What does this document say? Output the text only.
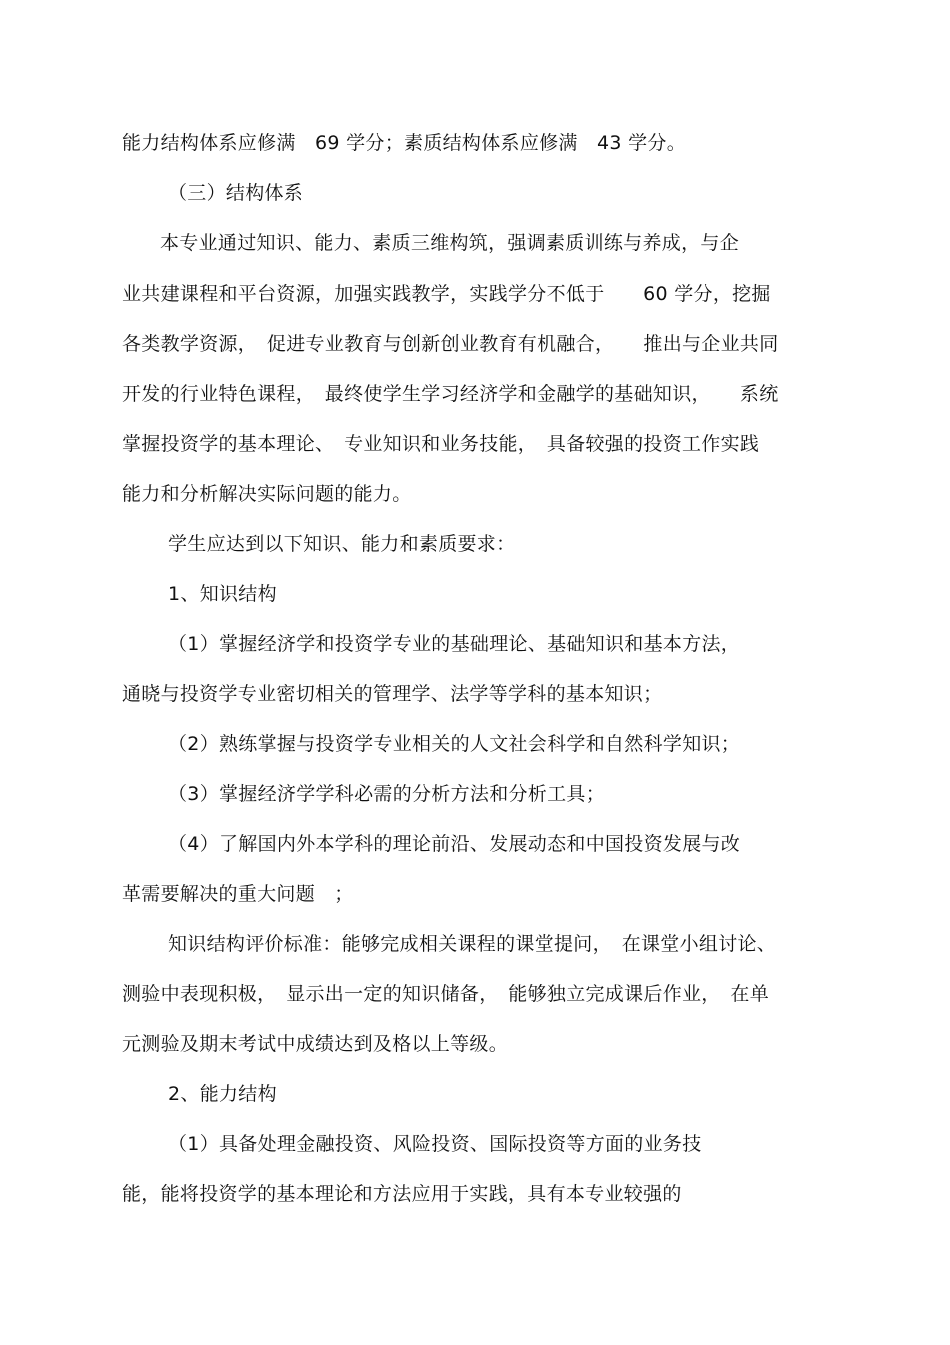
能力结构体系应修满　69 学分；素质结构体系应修满　43 学分。
（三）结构体系
本专业通过知识、能力、素质三维构筑，强调素质训练与养成，与企
业共建课程和平台资源，加强实践教学，实践学分不低于　　60 学分，挖掘
各类教学资源，　促进专业教育与创新创业教育有机融合，　　推出与企业共同
开发的行业特色课程，　最终使学生学习经济学和金融学的基础知识，　　系统
掌握投资学的基本理论、　专业知识和业务技能，　具备较强的投资工作实践
能力和分析解决实际问题的能力。
学生应达到以下知识、能力和素质要求：
1、知识结构
（1）掌握经济学和投资学专业的基础理论、基础知识和基本方法，
通晓与投资学专业密切相关的管理学、法学等学科的基本知识；
（2）熟练掌握与投资学专业相关的人文社会科学和自然科学知识；
（3）掌握经济学学科必需的分析方法和分析工具；
（4）了解国内外本学科的理论前沿、发展动态和中国投资发展与改
革需要解决的重大问题　；
知识结构评价标准：能够完成相关课程的课堂提问，　在课堂小组讨论、
测验中表现积极，　显示出一定的知识储备，　能够独立完成课后作业，　在单
元测验及期末考试中成绩达到及格以上等级。
2、能力结构
（1）具备处理金融投资、风险投资、国际投资等方面的业务技
能，能将投资学的基本理论和方法应用于实践，具有本专业较强的
